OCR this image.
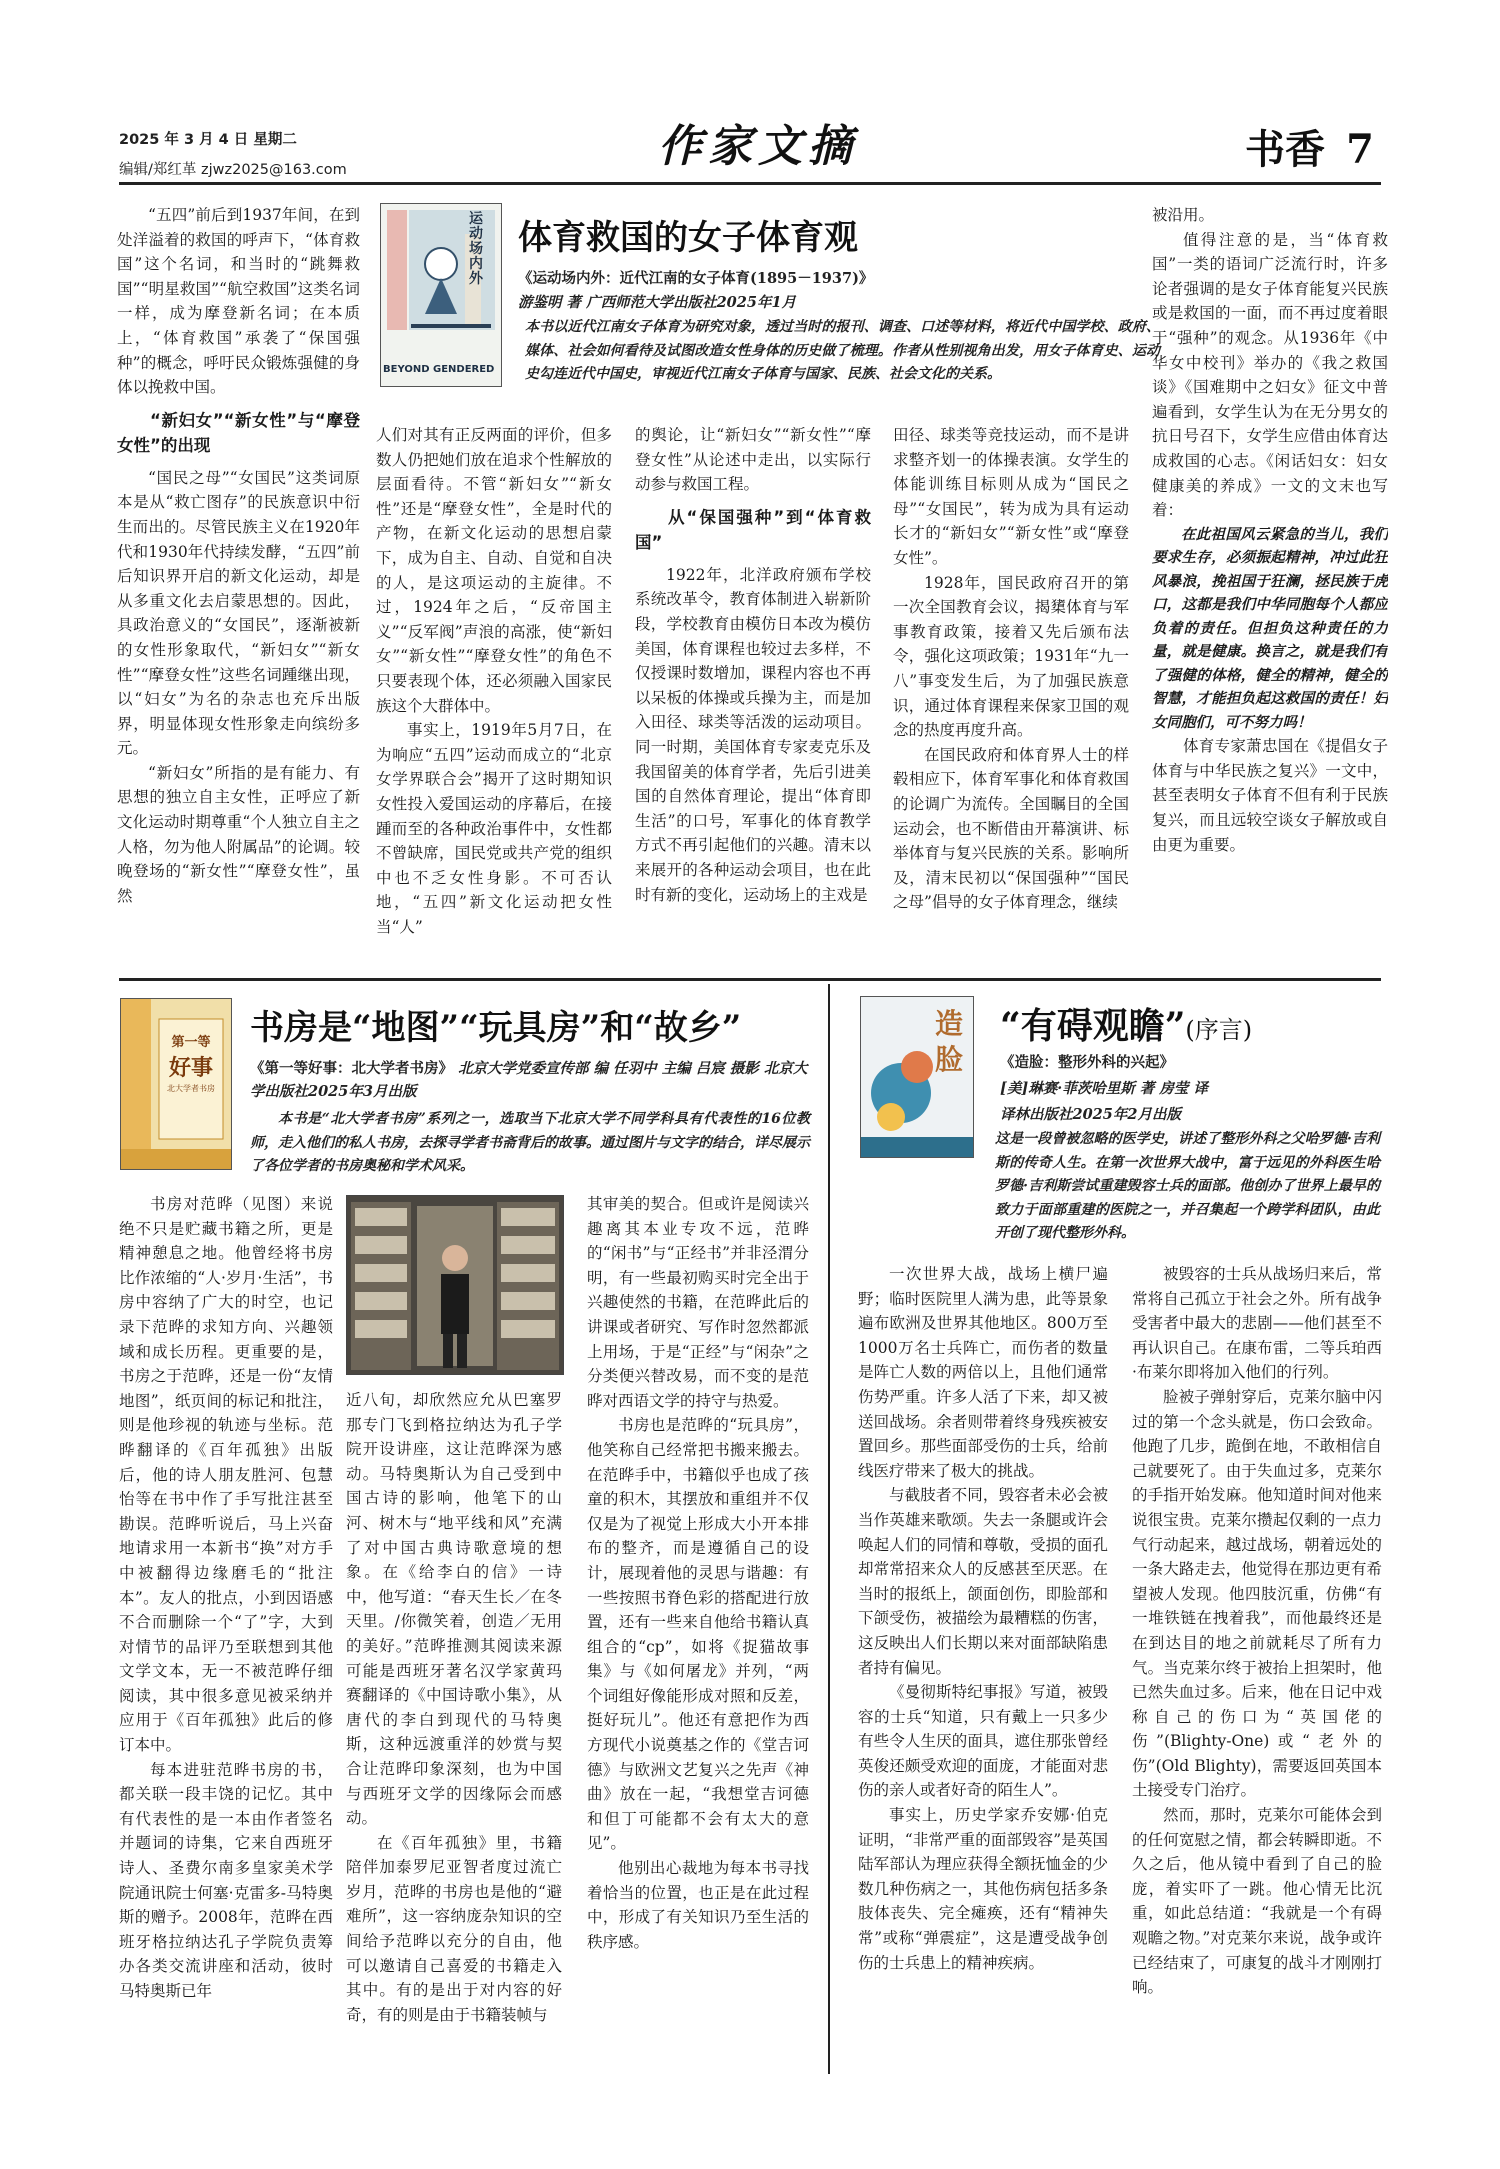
2025 年 3 月 4 日 星期二
编辑/郑红革 zjwz2025@163.com	作家文摘	书香 7
运动场内外
BEYOND GENDERED
体育救国的女子体育观
《运动场内外：近代江南的女子体育(1895－1937)》
游鉴明 著 广西师范大学出版社2025年1月

本书以近代江南女子体育为研究对象，透过当时的报刊、调查、口述等材料，将近代中国学校、政府、媒体、社会如何看待及试图改造女性身体的历史做了梳理。作者从性别视角出发，用女子体育史、运动史勾连近代中国史，审视近代江南女子体育与国家、民族、社会文化的关系。

“五四”前后到1937年间，在到处洋溢着的救国的呼声下，“体育救国”这个名词，和当时的“跳舞救国”“明星救国”“航空救国”这类名词一样，成为摩登新名词；在本质上，“体育救国”承袭了“保国强种”的概念，呼吁民众锻炼强健的身体以挽救中国。

“新妇女”“新女性”与“摩登女性”的出现

“国民之母”“女国民”这类词原本是从“救亡图存”的民族意识中衍生而出的。尽管民族主义在1920年代和1930年代持续发酵，“五四”前后知识界开启的新文化运动，却是从多重文化去启蒙思想的。因此，具政治意义的“女国民”，逐渐被新的女性形象取代，“新妇女”“新女性”“摩登女性”这些名词踵继出现，以“妇女”为名的杂志也充斥出版界，明显体现女性形象走向缤纷多元。

“新妇女”所指的是有能力、有思想的独立自主女性，正呼应了新文化运动时期尊重“个人独立自主之人格，勿为他人附属品”的论调。较晚登场的“新女性”“摩登女性”，虽然

人们对其有正反两面的评价，但多数人仍把她们放在追求个性解放的层面看待。不管“新妇女”“新女性”还是“摩登女性”，全是时代的产物，在新文化运动的思想启蒙下，成为自主、自动、自觉和自决的人，是这项运动的主旋律。不过，1924年之后，“反帝国主义”“反军阀”声浪的高涨，使“新妇女”“新女性”“摩登女性”的角色不只要表现个体，还必须融入国家民族这个大群体中。

事实上，1919年5月7日，在为响应“五四”运动而成立的“北京女学界联合会”揭开了这时期知识女性投入爱国运动的序幕后，在接踵而至的各种政治事件中，女性都不曾缺席，国民党或共产党的组织中也不乏女性身影。不可否认地，“五四”新文化运动把女性当“人”

的舆论，让“新妇女”“新女性”“摩登女性”从论述中走出，以实际行动参与救国工程。

从“保国强种”到“体育救国”

1922年，北洋政府颁布学校系统改革令，教育体制进入崭新阶段，学校教育由模仿日本改为模仿美国，体育课程也较过去多样，不仅授课时数增加，课程内容也不再以呆板的体操或兵操为主，而是加入田径、球类等活泼的运动项目。同一时期，美国体育专家麦克乐及我国留美的体育学者，先后引进美国的自然体育理论，提出“体育即生活”的口号，军事化的体育教学方式不再引起他们的兴趣。清末以来展开的各种运动会项目，也在此时有新的变化，运动场上的主戏是

田径、球类等竞技运动，而不是讲求整齐划一的体操表演。女学生的体能训练目标则从成为“国民之母”“女国民”，转为成为具有运动长才的“新妇女”“新女性”或“摩登女性”。

1928年，国民政府召开的第一次全国教育会议，揭橥体育与军事教育政策，接着又先后颁布法令，强化这项政策；1931年“九一八”事变发生后，为了加强民族意识，通过体育课程来保家卫国的观念的热度再度升高。

在国民政府和体育界人士的样毂相应下，体育军事化和体育救国的论调广为流传。全国瞩目的全国运动会，也不断借由开幕演讲、标举体育与复兴民族的关系。影响所及，清末民初以“保国强种”“国民之母”倡导的女子体育理念，继续

被沿用。

值得注意的是，当“体育救国”一类的语词广泛流行时，许多论者强调的是女子体育能复兴民族或是救国的一面，而不再过度着眼于“强种”的观念。从1936年《中华女中校刊》举办的《我之救国谈》《国难期中之妇女》征文中普遍看到，女学生认为在无分男女的抗日号召下，女学生应借由体育达成救国的心志。《闲话妇女：妇女健康美的养成》一文的文末也写着：

在此祖国风云紧急的当儿，我们要求生存，必须振起精神，冲过此狂风暴浪，挽祖国于狂澜，拯民族于虎口，这都是我们中华同胞每个人都应负着的责任。但担负这种责任的力量，就是健康。换言之，就是我们有了强健的体格，健全的精神，健全的智慧，才能担负起这救国的责任！妇女同胞们，可不努力吗！

体育专家萧忠国在《提倡女子体育与中华民族之复兴》一文中，甚至表明女子体育不但有利于民族复兴，而且远较空谈女子解放或自由更为重要。

第一等
好事
北大学者书房
书房是“地图”“玩具房”和“故乡”
《第一等好事：北大学者书房》 北京大学党委宣传部 编 任羽中 主编 吕宸 摄影 北京大学出版社2025年3月出版

本书是“北大学者书房”系列之一，选取当下北京大学不同学科具有代表性的16位教师，走入他们的私人书房，去探寻学者书斋背后的故事。通过图片与文字的结合，详尽展示了各位学者的书房奥秘和学术风采。

书房对范晔（见图）来说绝不只是贮藏书籍之所，更是精神憩息之地。他曾经将书房比作浓缩的“人·岁月·生活”，书房中容纳了广大的时空，也记录下范晔的求知方向、兴趣领域和成长历程。更重要的是，书房之于范晔，还是一份“友情地图”，纸页间的标记和批注，则是他珍视的轨迹与坐标。范晔翻译的《百年孤独》出版后，他的诗人朋友胜河、包慧怡等在书中作了手写批注甚至勘误。范晔听说后，马上兴奋地请求用一本新书“换”对方手中被翻得边缘磨毛的“批注本”。友人的批点，小到因语感不合而删除一个“了”字，大到对情节的品评乃至联想到其他文学文本，无一不被范晔仔细阅读，其中很多意见被采纳并应用于《百年孤独》此后的修订本中。

每本进驻范晔书房的书，都关联一段丰饶的记忆。其中有代表性的是一本由作者签名并题词的诗集，它来自西班牙诗人、圣费尔南多皇家美术学院通讯院士何塞·克雷多-马特奥斯的赠予。2008年，范晔在西班牙格拉纳达孔子学院负责筹办各类交流讲座和活动，彼时马特奥斯已年

近八旬，却欣然应允从巴塞罗那专门飞到格拉纳达为孔子学院开设讲座，这让范晔深为感动。马特奥斯认为自己受到中国古诗的影响，他笔下的山河、树木与“地平线和风”充满了对中国古典诗歌意境的想象。在《给李白的信》一诗中，他写道：“春天生长／在冬天里。/你微笑着，创造／无用的美好。”范晔推测其阅读来源可能是西班牙著名汉学家黄玛赛翻译的《中国诗歌小集》，从唐代的李白到现代的马特奥斯，这种远渡重洋的妙赏与契合让范晔印象深刻，也为中国与西班牙文学的因缘际会而感动。

在《百年孤独》里，书籍陪伴加泰罗尼亚智者度过流亡岁月，范晔的书房也是他的“避难所”，这一容纳庞杂知识的空间给予范晔以充分的自由，他可以邀请自己喜爱的书籍走入其中。有的是出于对内容的好奇，有的则是由于书籍装帧与

其审美的契合。但或许是阅读兴趣离其本业专攻不远，范晔的“闲书”与“正经书”并非泾渭分明，有一些最初购买时完全出于兴趣使然的书籍，在范晔此后的讲课或者研究、写作时忽然都派上用场，于是“正经”与“闲杂”之分类便兴替改易，而不变的是范晔对西语文学的持守与热爱。

书房也是范晔的“玩具房”，他笑称自己经常把书搬来搬去。在范晔手中，书籍似乎也成了孩童的积木，其摆放和重组并不仅仅是为了视觉上形成大小开本排布的整齐，而是遵循自己的设计，展现着他的灵思与谐趣：有一些按照书脊色彩的搭配进行放置，还有一些来自他给书籍认真组合的“cp”，如将《捉猫故事集》与《如何屠龙》并列，“两个词组好像能形成对照和反差，挺好玩儿”。他还有意把作为西方现代小说奠基之作的《堂吉诃德》与欧洲文艺复兴之先声《神曲》放在一起，“我想堂吉诃德和但丁可能都不会有太大的意见”。

他别出心裁地为每本书寻找着恰当的位置，也正是在此过程中，形成了有关知识乃至生活的秩序感。

造
脸
“有碍观瞻”(序言)
《造脸：整形外科的兴起》
[美]琳赛·菲茨哈里斯 著 房莹 译
译林出版社2025年2月出版

这是一段曾被忽略的医学史，讲述了整形外科之父哈罗德·吉利斯的传奇人生。在第一次世界大战中，富于远见的外科医生哈罗德·吉利斯尝试重建毁容士兵的面部。他创办了世界上最早的致力于面部重建的医院之一，并召集起一个跨学科团队，由此开创了现代整形外科。

一次世界大战，战场上横尸遍野；临时医院里人满为患，此等景象遍布欧洲及世界其他地区。800万至1000万名士兵阵亡，而伤者的数量是阵亡人数的两倍以上，且他们通常伤势严重。许多人活了下来，却又被送回战场。余者则带着终身残疾被安置回乡。那些面部受伤的士兵，给前线医疗带来了极大的挑战。

与截肢者不同，毁容者未必会被当作英雄来歌颂。失去一条腿或许会唤起人们的同情和尊敬，受损的面孔却常常招来众人的反感甚至厌恶。在当时的报纸上，颌面创伤，即脸部和下颌受伤，被描绘为最糟糕的伤害，这反映出人们长期以来对面部缺陷患者持有偏见。

《曼彻斯特纪事报》写道，被毁容的士兵“知道，只有戴上一只多少有些令人生厌的面具，遮住那张曾经英俊还颇受欢迎的面庞，才能面对悲伤的亲人或者好奇的陌生人”。

事实上，历史学家乔安娜·伯克证明，“非常严重的面部毁容”是英国陆军部认为理应获得全额抚恤金的少数几种伤病之一，其他伤病包括多条肢体丧失、完全瘫痪，还有“精神失常”或称“弹震症”，这是遭受战争创伤的士兵患上的精神疾病。

被毁容的士兵从战场归来后，常常将自己孤立于社会之外。所有战争受害者中最大的悲剧——他们甚至不再认识自己。在康布雷，二等兵珀西·布莱尔即将加入他们的行列。

脸被子弹射穿后，克莱尔脑中闪过的第一个念头就是，伤口会致命。他跑了几步，跪倒在地，不敢相信自己就要死了。由于失血过多，克莱尔的手指开始发麻。他知道时间对他来说很宝贵。克莱尔攒起仅剩的一点力气行动起来，越过战场，朝着远处的一条大路走去，他觉得在那边更有希望被人发现。他四肢沉重，仿佛“有一堆铁链在拽着我”，而他最终还是在到达目的地之前就耗尽了所有力气。当克莱尔终于被抬上担架时，他已然失血过多。后来，他在日记中戏称自己的伤口为“英国佬的伤”(Blighty-One)或“老外的伤”(Old Blighty)，需要返回英国本土接受专门治疗。

然而，那时，克莱尔可能体会到的任何宽慰之情，都会转瞬即逝。不久之后，他从镜中看到了自己的脸庞，着实吓了一跳。他心情无比沉重，如此总结道：“我就是一个有碍观瞻之物。”对克莱尔来说，战争或许已经结束了，可康复的战斗才刚刚打响。
